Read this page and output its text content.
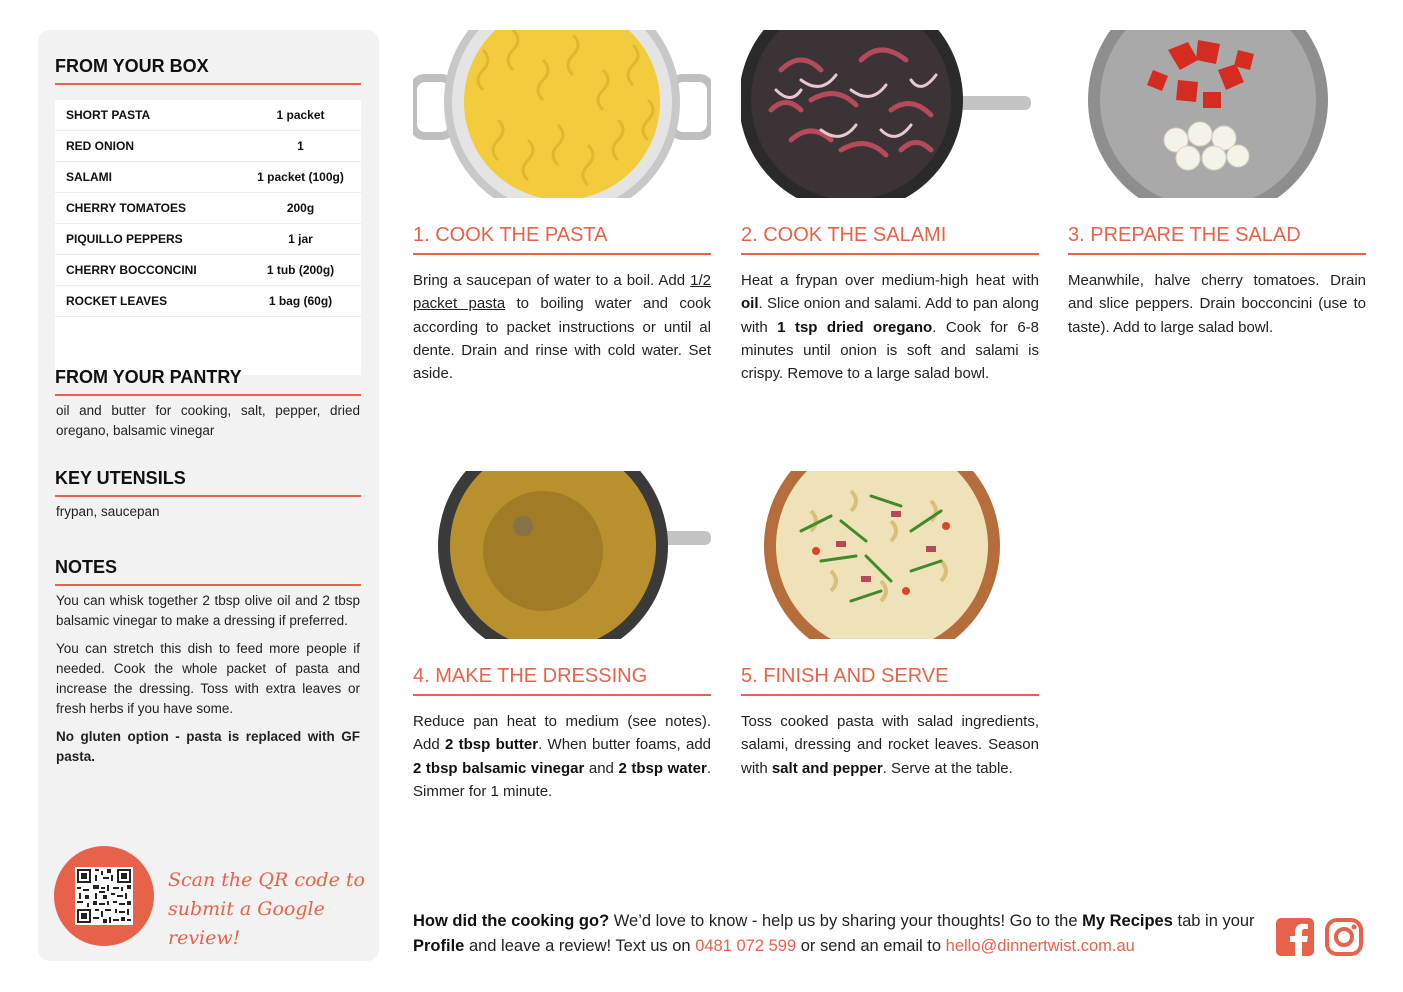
FROM YOUR BOX
SHORT PASTA	1 packet
RED ONION	1
SALAMI	1 packet (100g)
CHERRY TOMATOES	200g
PIQUILLO PEPPERS	1 jar
CHERRY BOCCONCINI	1 tub (200g)
ROCKET LEAVES	1 bag (60g)
FROM YOUR PANTRY

oil and butter for cooking, salt, pepper, dried oregano, balsamic vinegar

KEY UTENSILS

frypan, saucepan

NOTES

You can whisk together 2 tbsp olive oil and 2 tbsp balsamic vinegar to make a dressing if preferred.

You can stretch this dish to feed more people if needed. Cook the whole packet of pasta and increase the dressing. Toss with extra leaves or fresh herbs if you have some.

No gluten option - pasta is replaced with GF pasta.

Scan the QR code to
submit a Google review!
1. COOK THE PASTA
Bring a saucepan of water to a boil. Add 1/2 packet pasta to boiling water and cook according to packet instructions or until al dente. Drain and rinse with cold water. Set aside.
2. COOK THE SALAMI
Heat a frypan over medium-high heat with oil. Slice onion and salami. Add to pan along with 1 tsp dried oregano. Cook for 6-8 minutes until onion is soft and salami is crispy. Remove to a large salad bowl.
3. PREPARE THE SALAD
Meanwhile, halve cherry tomatoes. Drain and slice peppers. Drain bocconcini (use to taste). Add to large salad bowl.
4. MAKE THE DRESSING
Reduce pan heat to medium (see notes). Add 2 tbsp butter. When butter foams, add 2 tbsp balsamic vinegar and 2 tbsp water. Simmer for 1 minute.
5. FINISH AND SERVE
Toss cooked pasta with salad ingredients, salami, dressing and rocket leaves. Season with salt and pepper. Serve at the table.
How did the cooking go? We’d love to know - help us by sharing your thoughts! Go to the My Recipes tab in your Profile and leave a review! Text us on 0481 072 599 or send an email to hello@dinnertwist.com.au
